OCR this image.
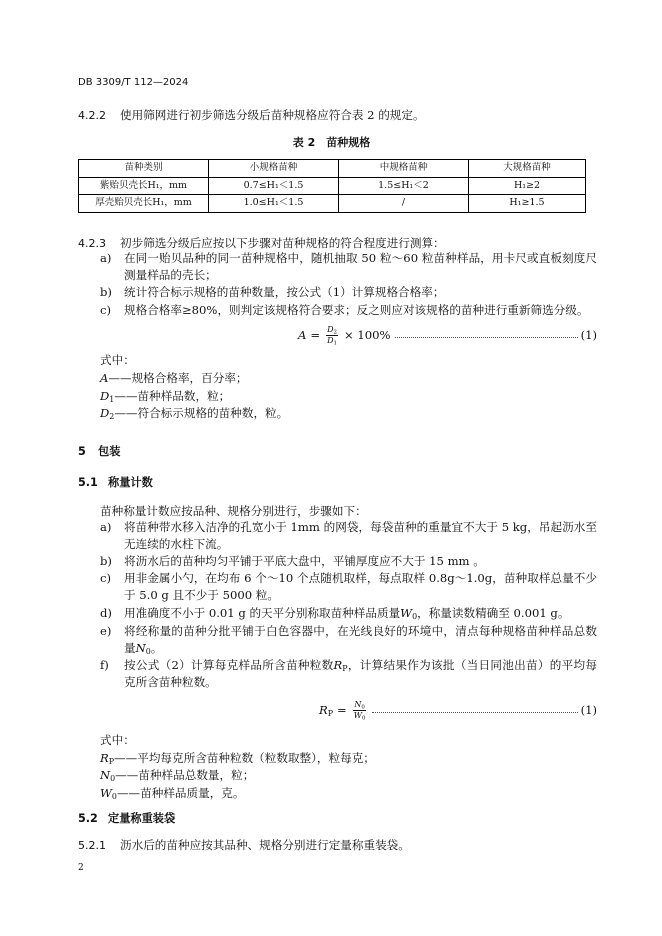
DB 3309/T 112—2024
4.2.2	使用筛网进行初步筛选分级后苗种规格应符合表 2 的规定。
表 2　苗种规格
苗种类别	小规格苗种	中规格苗种	大规格苗种
紫贻贝壳长H₁，mm	0.7≤H₁＜1.5	1.5≤H₁＜2	H₁≥2
厚壳贻贝壳长H₁，mm	1.0≤H₁＜1.5	/	H₁≥1.5
4.2.3	初步筛选分级后应按以下步骤对苗种规格的符合程度进行测算：
a)	在同一贻贝品种的同一苗种规格中，随机抽取 50 粒～60 粒苗种样品，用卡尺或直板刻度尺测量样品的壳长；
b)	统计符合标示规格的苗种数量，按公式（1）计算规格合格率；
c)	规格合格率≥80%，则判定该规格符合要求；反之则应对该规格的苗种进行重新筛选分级。
$A = \frac{D_2}{D_1} \times 100\%$	(1)
式中：
A——规格合格率，百分率；
$D_1——$苗种样品数，粒；
$D_2——$符合标示规格的苗种数，粒。
5	包装
5.1 称量计数
苗种称量计数应按品种、规格分别进行，步骤如下：
a)	将苗种带水移入洁净的孔宽小于 1mm 的网袋，每袋苗种的重量宜不大于 5 kg，吊起沥水至无连续的水柱下流。
b)	将沥水后的苗种均匀平铺于平底大盘中，平铺厚度应不大于 15 mm 。
c)	用非金属小勺，在均布 6 个～10 个点随机取样，每点取样 0.8g～1.0g，苗种取样总量不少于 5.0 g 且不少于 5000 粒。
d)	用准确度不小于 0.01 g 的天平分别称取苗种样品质量$W_0$，称量读数精确至 0.001 g。
e)	将经称量的苗种分批平铺于白色容器中，在光线良好的环境中，清点每种规格苗种样品总数量$N_0$。
f)	按公式（2）计算每克样品所含苗种粒数$R_P$，计算结果作为该批（当日同池出苗）的平均每克所含苗种粒数。
$R_P = \frac{N_0}{W_0}$	(1)
式中：
$R_P——$平均每克所含苗种粒数（粒数取整），粒每克；
$N_0——$苗种样品总数量，粒；
$W_0——$苗种样品质量，克。
5.2 定量称重装袋
5.2.1	沥水后的苗种应按其品种、规格分别进行定量称重装袋。
2
